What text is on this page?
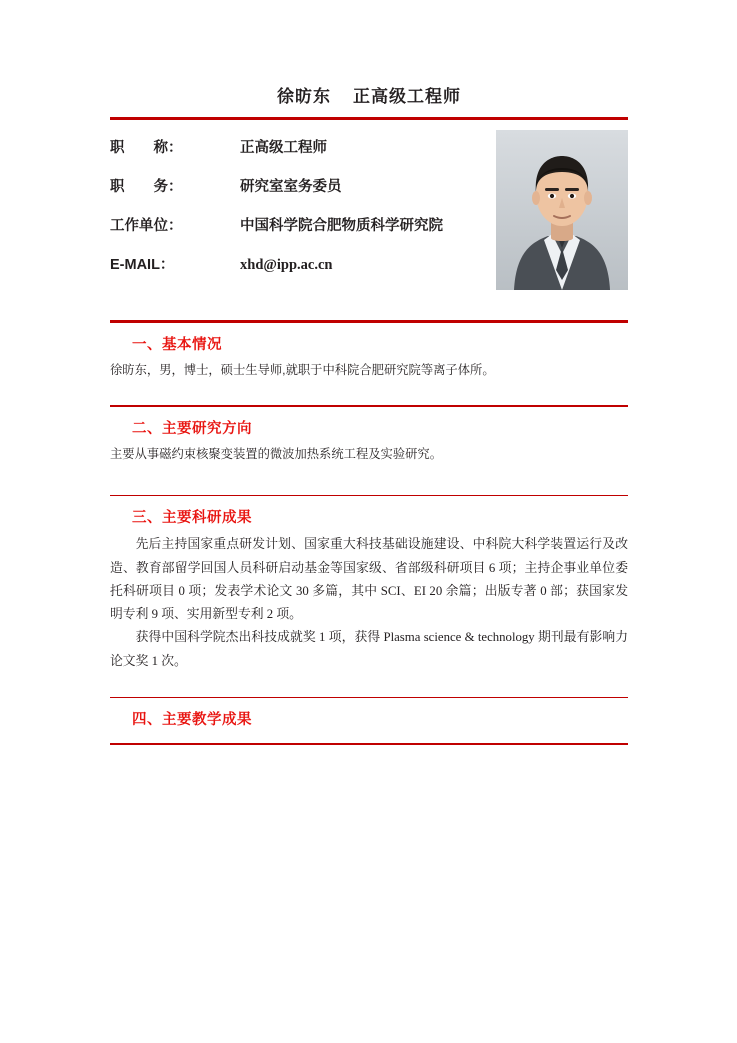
徐昉东 正高级工程师
职　　称：	正高级工程师
职　　务：	研究室室务委员
工作单位：	中国科学院合肥物质科学研究院
E-MAIL：	xhd@ipp.ac.cn
一、基本情况

徐昉东，男，博士，硕士生导师,就职于中科院合肥研究院等离子体所。

二、主要研究方向

主要从事磁约束核聚变装置的微波加热系统工程及实验研究。

三、主要科研成果

先后主持国家重点研发计划、国家重大科技基础设施建设、中科院大科学装置运行及改造、教育部留学回国人员科研启动基金等国家级、省部级科研项目 6 项；主持企事业单位委托科研项目 0 项；发表学术论文 30 多篇，其中 SCI、EI 20 余篇；出版专著 0 部；获国家发明专利 9 项、实用新型专利 2 项。

获得中国科学院杰出科技成就奖 1 项，获得 Plasma science & technology 期刊最有影响力论文奖 1 次。

四、主要教学成果
